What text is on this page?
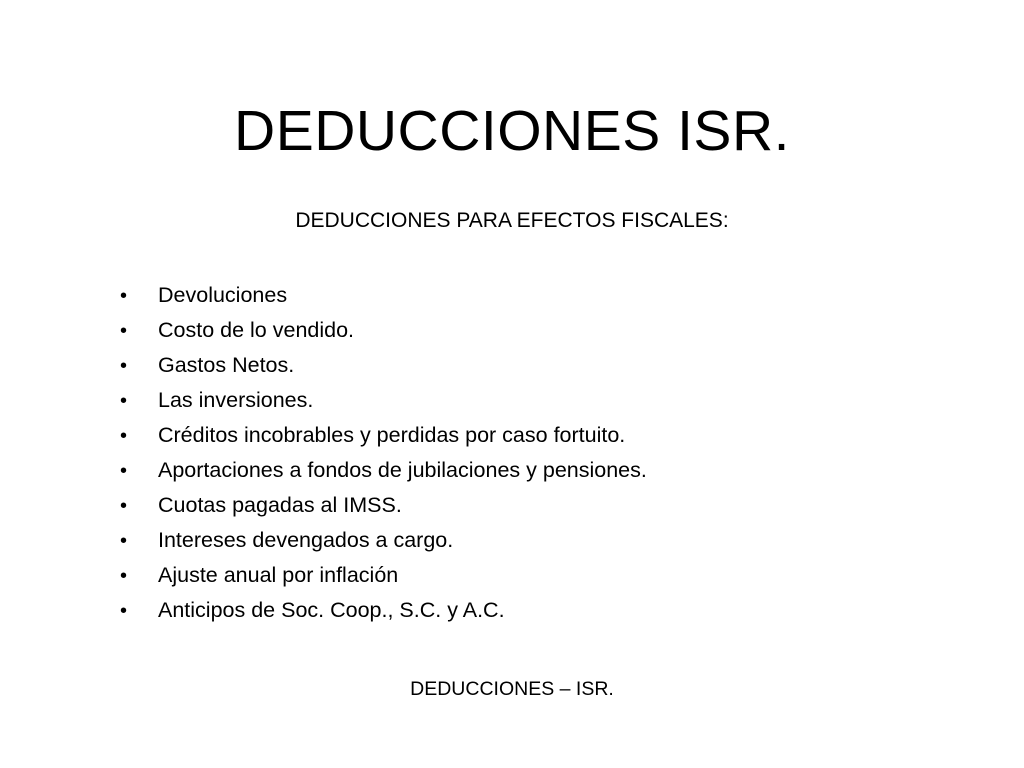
DEDUCCIONES ISR.
DEDUCCIONES PARA EFECTOS FISCALES:
•	Devoluciones
•	Costo de lo vendido.
•	Gastos Netos.
•	Las inversiones.
•	Créditos incobrables y perdidas por caso fortuito.
•	Aportaciones a fondos de jubilaciones y pensiones.
•	Cuotas pagadas al IMSS.
•	Intereses devengados a cargo.
•	Ajuste anual por inflación
•	Anticipos de Soc. Coop., S.C. y A.C.
DEDUCCIONES – ISR.
